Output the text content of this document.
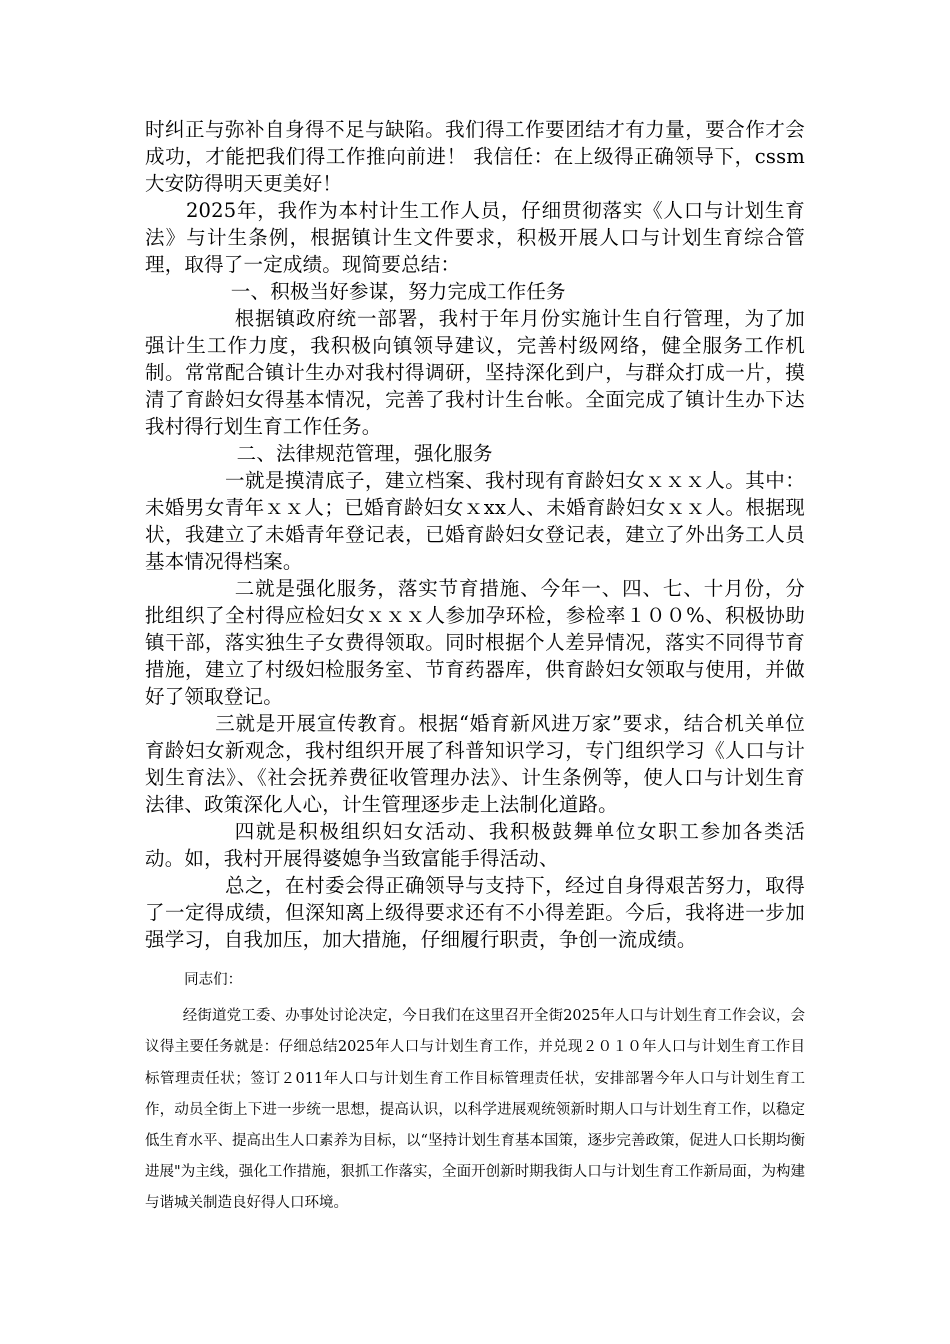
时纠正与弥补自身得不足与缺陷。我们得工作要团结才有力量，要合作才会成功，才能把我们得工作推向前进！ 我信任：在上级得正确领导下，cssm大安防得明天更美好！

2025年，我作为本村计生工作人员，仔细贯彻落实《人口与计划生育法》与计生条例，根据镇计生文件要求，积极开展人口与计划生育综合管理，取得了一定成绩。现简要总结：

一、积极当好参谋，努力完成工作任务

根据镇政府统一部署，我村于年月份实施计生自行管理，为了加强计生工作力度，我积极向镇领导建议，完善村级网络，健全服务工作机制。常常配合镇计生办对我村得调研，坚持深化到户，与群众打成一片，摸清了育龄妇女得基本情况，完善了我村计生台帐。全面完成了镇计生办下达我村得行划生育工作任务。

二、法律规范管理，强化服务

一就是摸清底子，建立档案、我村现有育龄妇女ｘｘｘ人。其中：未婚男女青年ｘｘ人；已婚育龄妇女ｘxx人、未婚育龄妇女ｘｘ人。根据现状，我建立了未婚青年登记表，已婚育龄妇女登记表，建立了外出务工人员基本情况得档案。

二就是强化服务，落实节育措施、今年一、四、七、十月份，分批组织了全村得应检妇女ｘｘｘ人参加孕环检，参检率１００%、积极协助镇干部，落实独生子女费得领取。同时根据个人差异情况，落实不同得节育措施，建立了村级妇检服务室、节育药器库，供育龄妇女领取与使用，并做好了领取登记。

三就是开展宣传教育。根据“婚育新风进万家”要求，结合机关单位育龄妇女新观念，我村组织开展了科普知识学习，专门组织学习《人口与计划生育法》、《社会抚养费征收管理办法》、计生条例等，使人口与计划生育法律、政策深化人心，计生管理逐步走上法制化道路。

四就是积极组织妇女活动、我积极鼓舞单位女职工参加各类活动。如，我村开展得婆媳争当致富能手得活动、

总之，在村委会得正确领导与支持下，经过自身得艰苦努力，取得了一定得成绩，但深知离上级得要求还有不小得差距。今后，我将进一步加强学习，自我加压，加大措施，仔细履行职责，争创一流成绩。

同志们：

经街道党工委、办事处讨论决定，今日我们在这里召开全街2025年人口与计划生育工作会议，会议得主要任务就是：仔细总结2025年人口与计划生育工作，并兑现２０１０年人口与计划生育工作目标管理责任状；签订２011年人口与计划生育工作目标管理责任状，安排部署今年人口与计划生育工作，动员全街上下进一步统一思想，提高认识，以科学进展观统领新时期人口与计划生育工作，以稳定低生育水平、提高出生人口素养为目标，以“坚持计划生育基本国策，逐步完善政策，促进人口长期均衡进展"为主线，强化工作措施，狠抓工作落实，全面开创新时期我街人口与计划生育工作新局面，为构建与谐城关制造良好得人口环境。
